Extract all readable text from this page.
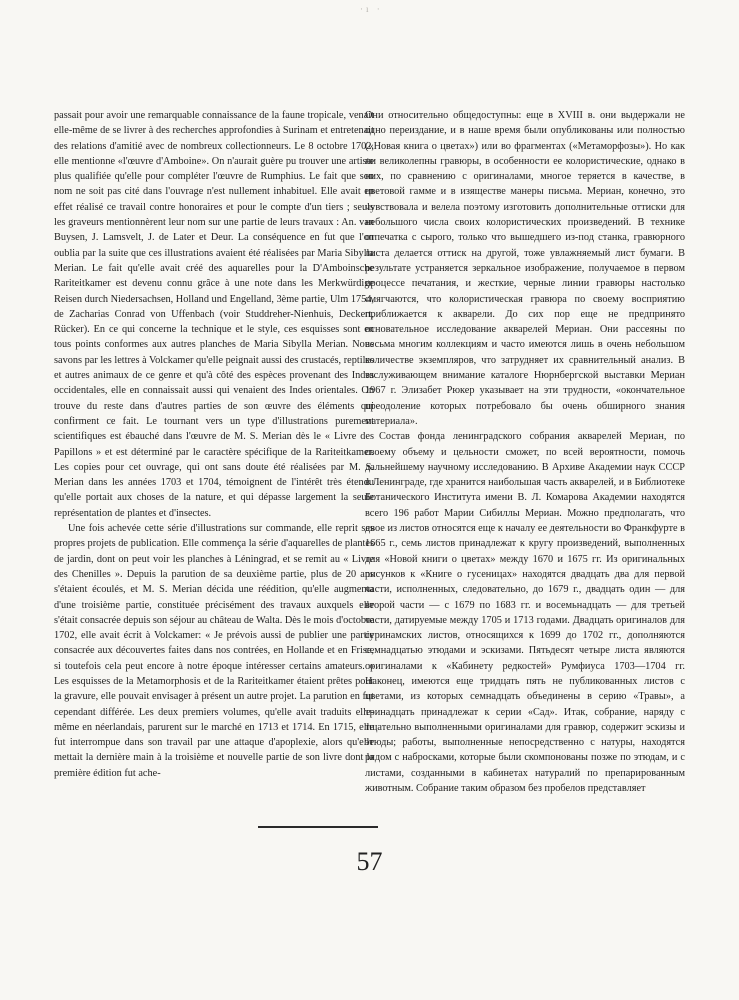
·ı ·

passait pour avoir une remarquable connaissance de la faune tropicale, venait elle-même de se livrer à des recherches approfondies à Surinam et entretenait des relations d'amitié avec de nombreux collectionneurs. Le 8 octobre 1702, elle mentionne «l'œuvre d'Amboine». On n'aurait guère pu trouver une artiste plus qualifiée qu'elle pour compléter l'œuvre de Rumphius. Le fait que son nom ne soit pas cité dans l'ouvrage n'est nullement inhabituel. Elle avait en effet réalisé ce travail contre honoraires et pour le compte d'un tiers ; seuls les graveurs mentionnèrent leur nom sur une partie de leurs travaux : An. van Buysen, J. Lamsvelt, J. de Later et Deur. La conséquence en fut que l'on oublia par la suite que ces illustrations avaient été réalisées par Maria Sibylla Merian. Le fait qu'elle avait créé des aquarelles pour la D'Amboinsche Rariteitkamer est devenu connu grâce à une note dans les Merkwürdige Reisen durch Niedersachsen, Holland und Engelland, 3ème partie, Ulm 1754, de Zacharias Conrad von Uffenbach (voir Studdreher-Nienhuis, Deckert, Rücker). En ce qui concerne la technique et le style, ces esquisses sont en tous points conformes aux autres planches de Maria Sibylla Merian. Nous savons par les lettres à Volckamer qu'elle peignait aussi des crustacés, reptiles et autres animaux de ce genre et qu'à côté des espèces provenant des Indes occidentales, elle en connaissait aussi qui venaient des Indes orientales. On trouve du reste dans d'autres parties de son œuvre des éléments qui confirment ce fait. Le tournant vers un type d'illustrations purement scientifiques est ébauché dans l'œuvre de M. S. Merian dès le « Livre des Papillons » et est déterminé par le caractère spécifique de la Rariteitkamer. Les copies pour cet ouvrage, qui ont sans doute été réalisées par M. S. Merian dans les années 1703 et 1704, témoignent de l'intérêt très étendu qu'elle portait aux choses de la nature, et qui dépasse largement la seule représentation de plantes et d'insectes.

Une fois achevée cette série d'illustrations sur commande, elle reprit ses propres projets de publication. Elle commença la série d'aquarelles de plantes de jardin, dont on peut voir les planches à Léningrad, et se remit au « Livre des Chenilles ». Depuis la parution de sa deuxième partie, plus de 20 ans s'étaient écoulés, et M. S. Merian décida une réédition, qu'elle augmenta d'une troisième partie, constituée précisément des travaux auxquels elle s'était consacrée depuis son séjour au château de Walta. Dès le mois d'octobre 1702, elle avait écrit à Volckamer: « Je prévois aussi de publier une partie consacrée aux découvertes faites dans nos contrées, en Hollande et en Frise, si toutefois cela peut encore à notre époque intéresser certains amateurs. » Les esquisses de la Metamorphosis et de la Rariteitkamer étaient prêtes pour la gravure, elle pouvait envisager à présent un autre projet. La parution en fut cependant différée. Les deux premiers volumes, qu'elle avait traduits elle-même en néerlandais, parurent sur le marché en 1713 et 1714. En 1715, elle fut interrompue dans son travail par une attaque d'apoplexie, alors qu'elle mettait la dernière main à la troisième et nouvelle partie de son livre dont la première édition fut ache-

Они относительно общедоступны: еще в XVIII в. они выдержали не одно переиздание, и в наше время были опубликованы или полностью («Новая книга о цветах») или во фрагментах («Метаморфозы»). Но как ни великолепны гравюры, в особенности ее колористические, однако в них, по сравнению с оригиналами, многое теряется в качестве, в цветовой гамме и в изяществе манеры письма. Мериан, конечно, это чувствовала и велела поэтому изготовить дополнительные оттиски для небольшого числа своих колористических произведений. В технике отпечатка с сырого, только что вышедшего из-под станка, гравюрного листа делается оттиск на другой, тоже увлажняемый лист бумаги. В результате устраняется зеркальное изображение, получаемое в первом процессе печатания, и жесткие, черные линии гравюры настолько смягчаются, что колористическая гравюра по своему восприятию приближается к акварели. До сих пор еще не предпринято основательное исследование акварелей Мериан. Они рассеяны по весьма многим коллекциям и часто имеются лишь в очень небольшом количестве экземпляров, что затрудняет их сравнительный анализ. В заслуживающем внимание каталоге Нюрнбергской выставки Мериан 1967 г. Элизабет Рюкер указывает на эти трудности, «окончательное преодоление которых потребовало бы очень обширного знания материала».

Состав фонда ленинградского собрания акварелей Мериан, по своему объему и цельности сможет, по всей вероятности, помочь дальнейшему научному исследованию. В Архиве Академии наук СССР в Ленинграде, где хранится наибольшая часть акварелей, и в Библиотеке Ботанического Института имени В. Л. Комарова Академии находятся всего 196 работ Марии Сибиллы Мериан. Можно предполагать, что двое из листов относятся еще к началу ее деятельности во Франкфурте в 1665 г., семь листов принадлежат к кругу произведений, выполненных для «Новой книги о цветах» между 1670 и 1675 гг. Из оригинальных рисунков к «Книге о гусеницах» находятся двадцать два для первой части, исполненных, следовательно, до 1679 г., двадцать один — для второй части — с 1679 по 1683 гг. и восемьнадцать — для третьей части, датируемые между 1705 и 1713 годами. Двадцать оригиналов для суринамских листов, относящихся к 1699 до 1702 гг., дополняются семнадцатью этюдами и эскизами. Пятьдесят четыре листа являются оригиналами к «Кабинету редкостей» Румфиуса 1703—1704 гг. Наконец, имеются еще тридцать пять не публикованных листов с цветами, из которых семнадцать объединены в серию «Травы», а тринадцать принадлежат к серии «Сад». Итак, собрание, наряду с тщательно выполненными оригиналами для гравюр, содержит эскизы и этюды; работы, выполненные непосредственно с натуры, находятся рядом с набросками, которые были скомпонованы позже по этюдам, и с листами, созданными в кабинетах натуралий по препарированным животным. Собрание таким образом без пробелов представляет

57
